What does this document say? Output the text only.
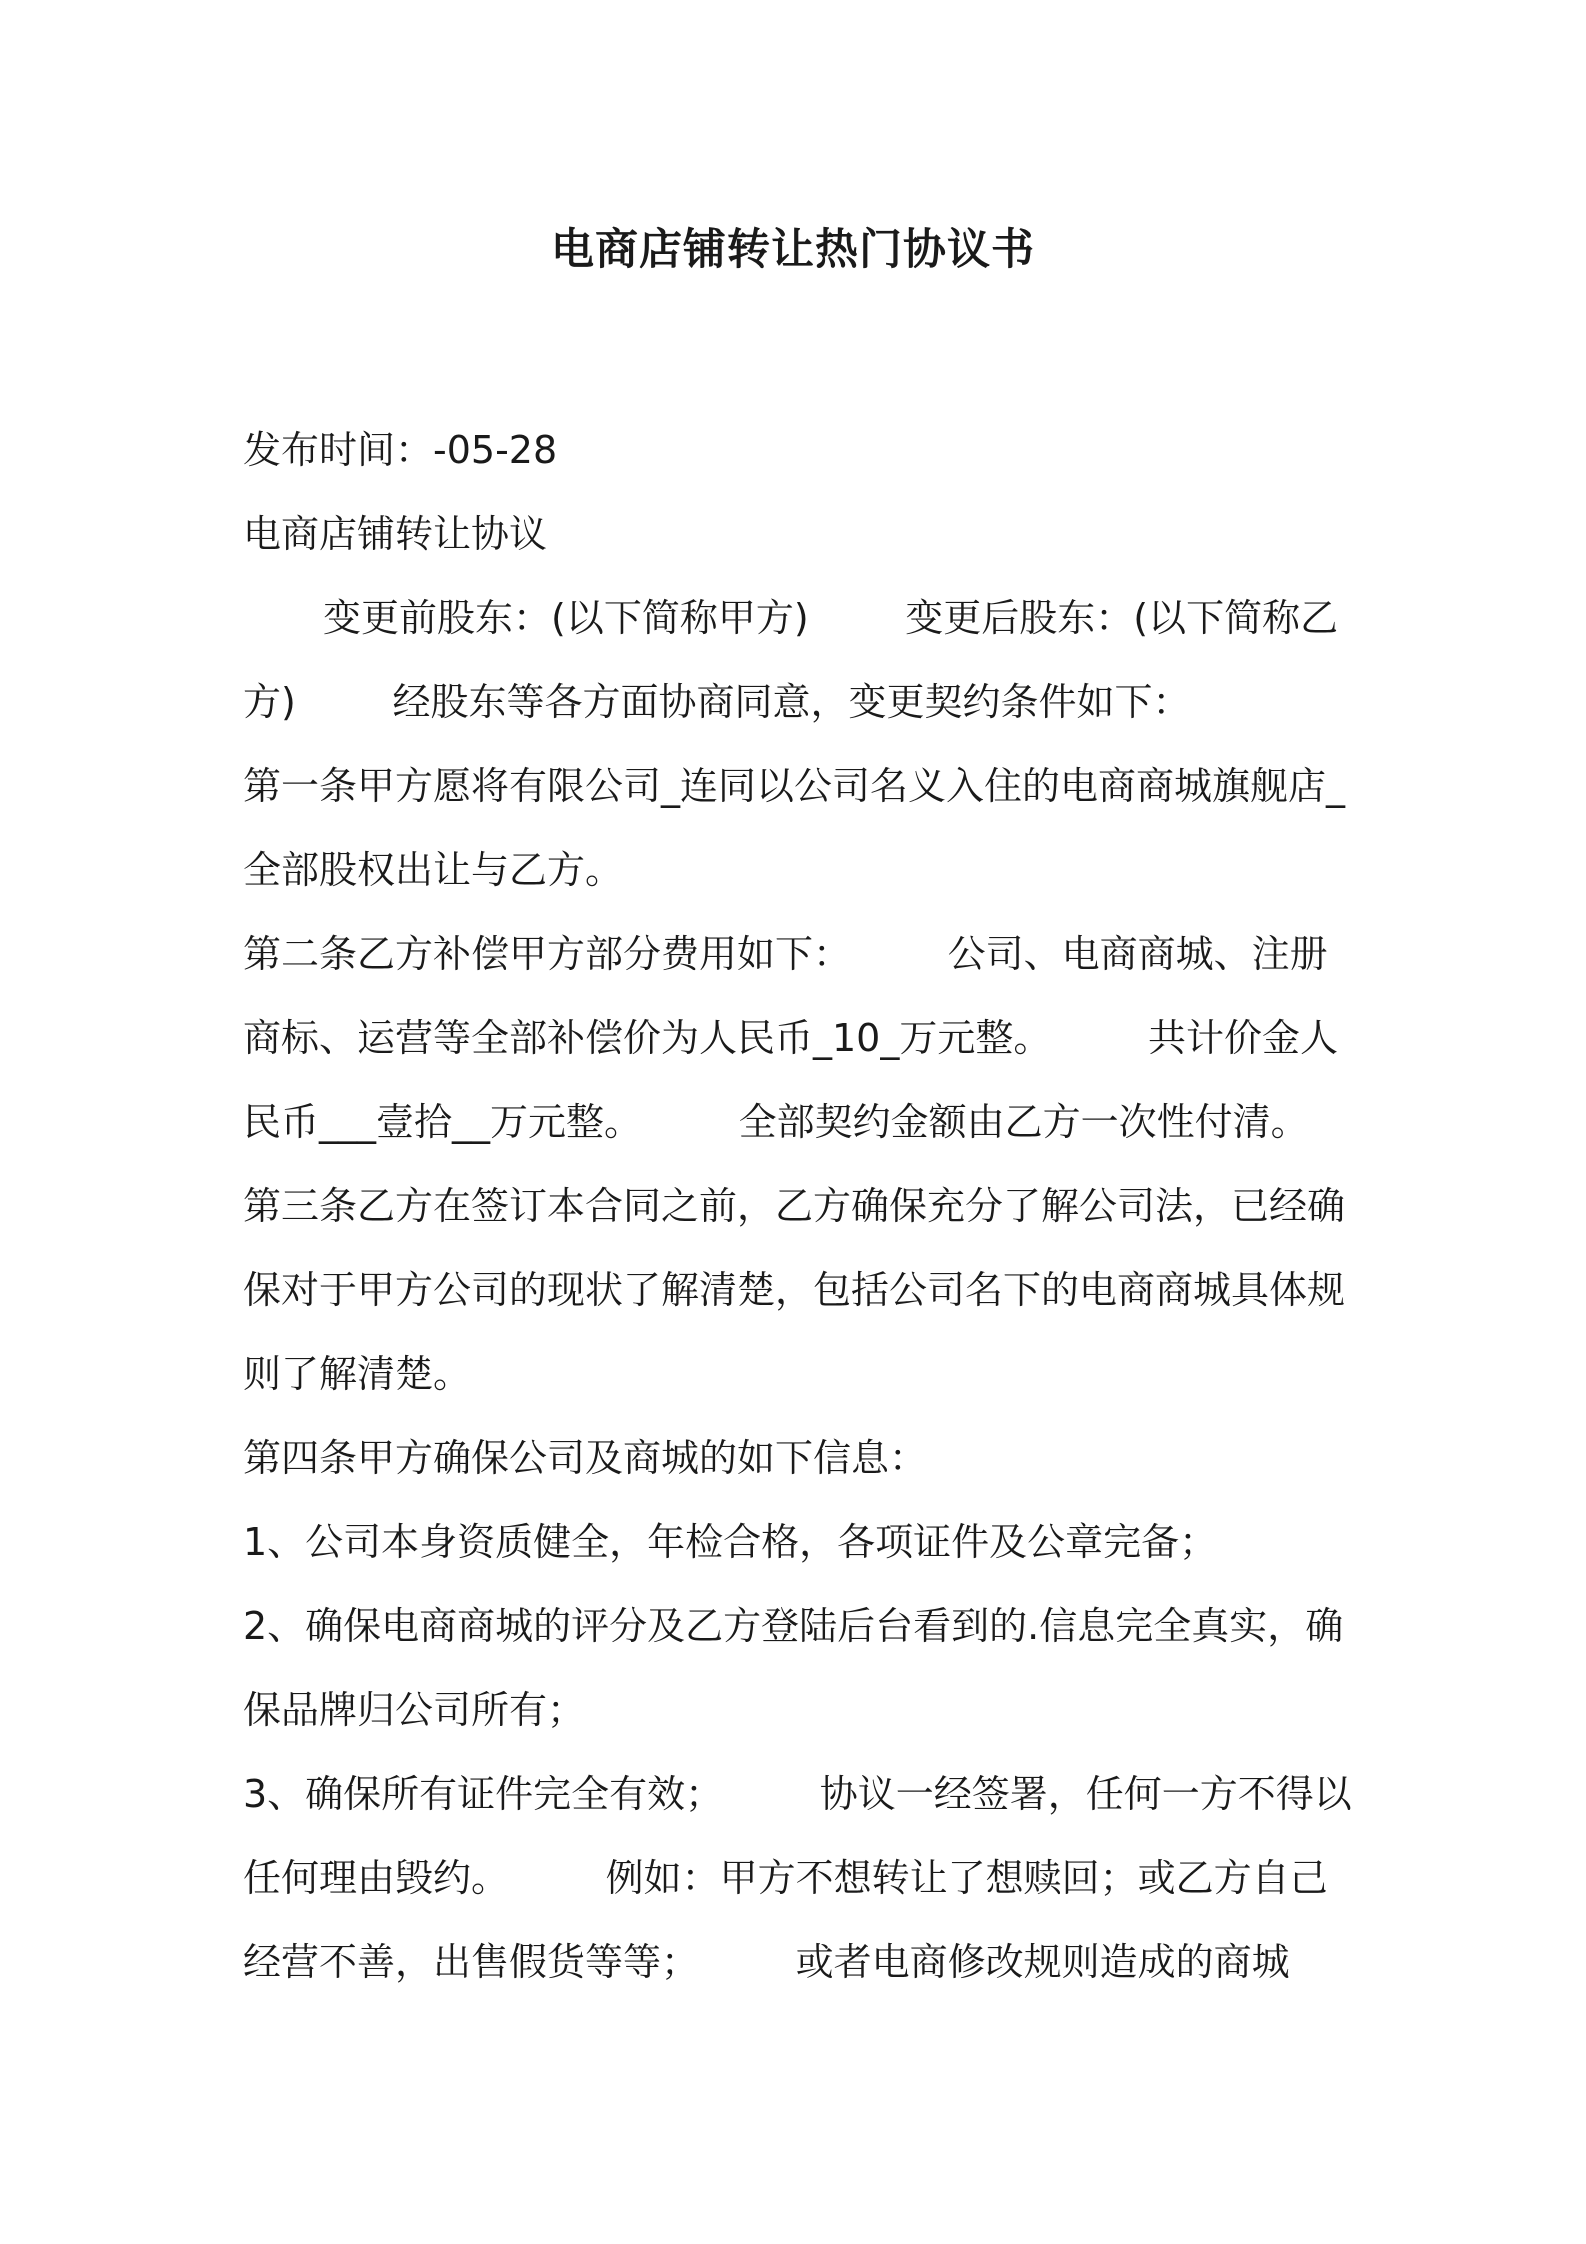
电商店铺转让热门协议书

发布时间：-05-28

电商店铺转让协议

变更前股东：(以下简称甲方)        变更后股东：(以下简称乙方)        经股东等各方面协商同意，变更契约条件如下：

第一条甲方愿将有限公司_连同以公司名义入住的电商商城旗舰店_全部股权出让与乙方。

第二条乙方补偿甲方部分费用如下：        公司、电商商城、注册商标、运营等全部补偿价为人民币_10_万元整。        共计价金人民币___壹拾__万元整。        全部契约金额由乙方一次性付清。

第三条乙方在签订本合同之前，乙方确保充分了解公司法，已经确保对于甲方公司的现状了解清楚，包括公司名下的电商商城具体规则了解清楚。

第四条甲方确保公司及商城的如下信息：

1、公司本身资质健全，年检合格，各项证件及公章完备；

2、确保电商商城的评分及乙方登陆后台看到的.信息完全真实，确保品牌归公司所有；

3、确保所有证件完全有效；        协议一经签署，任何一方不得以任何理由毁约。        例如：甲方不想转让了想赎回；或乙方自己经营不善，出售假货等等；        或者电商修改规则造成的商城
